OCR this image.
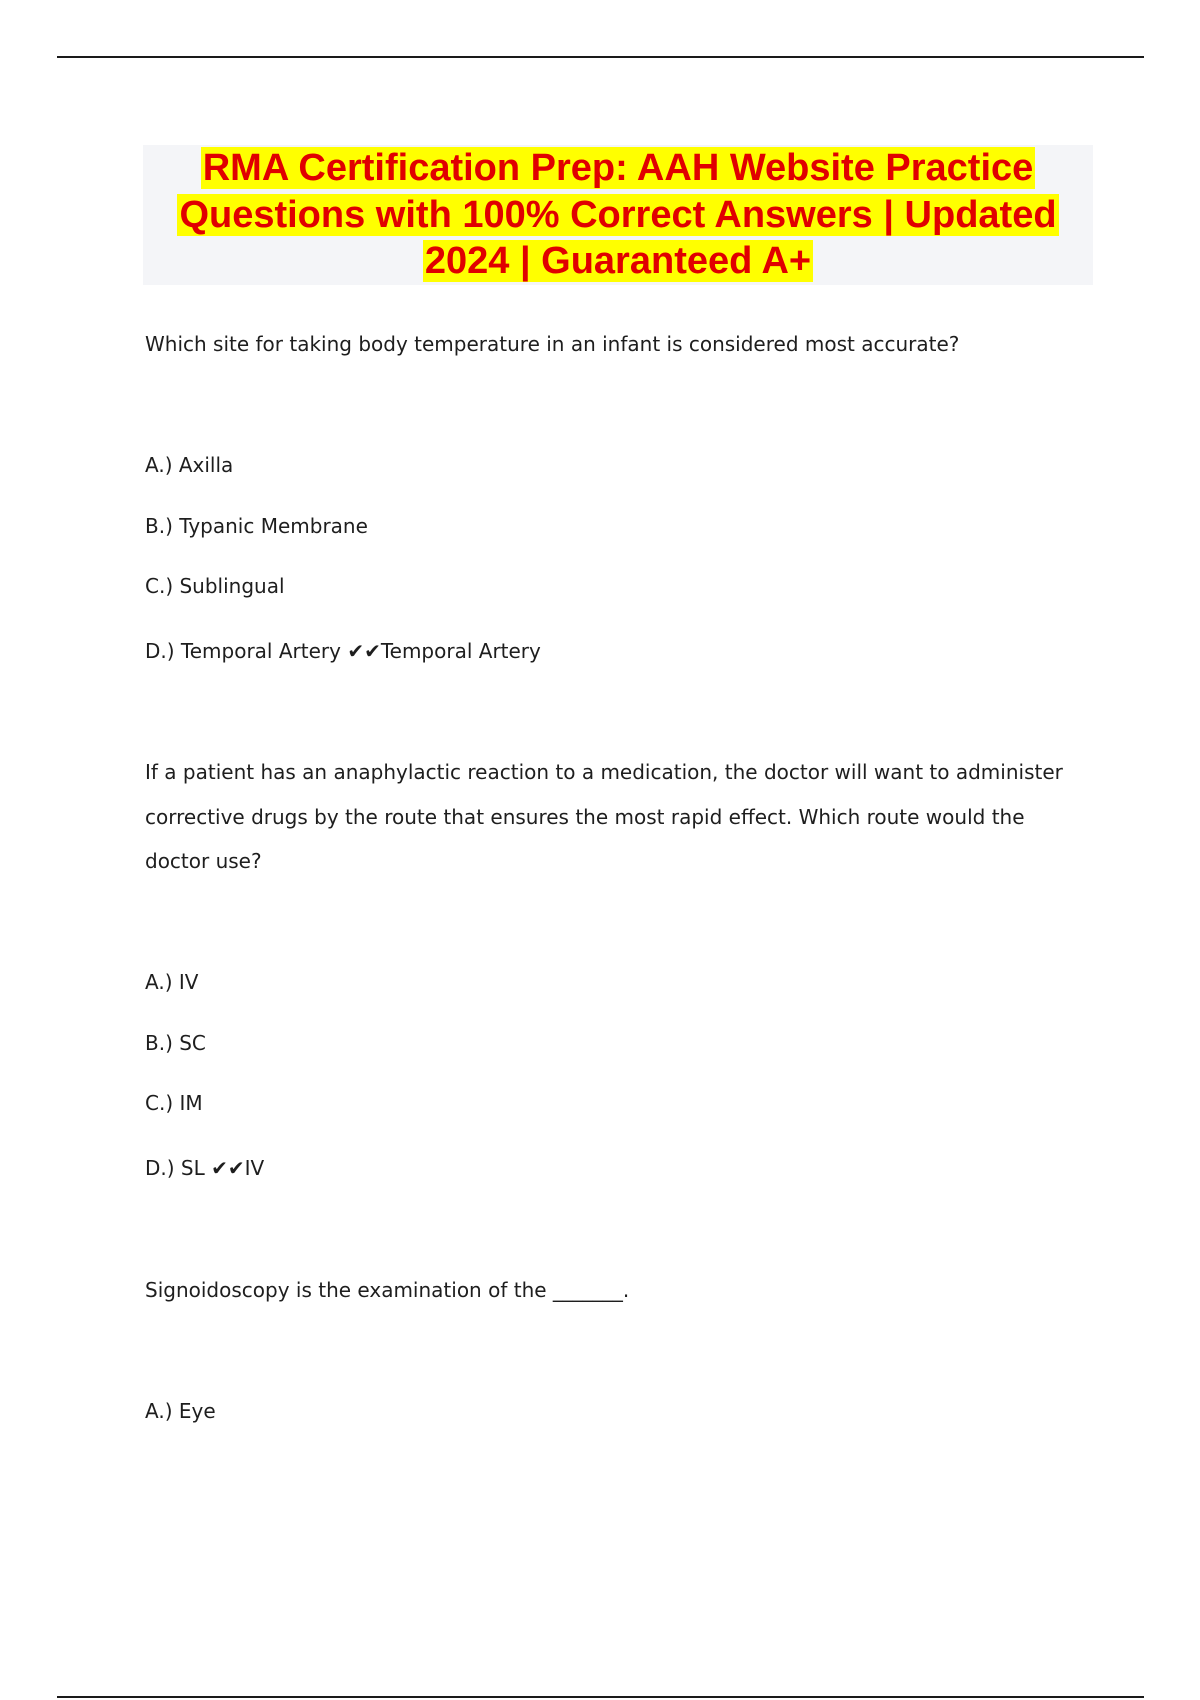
RMA Certification Prep: AAH Website Practice Questions with 100% Correct Answers | Updated 2024 | Guaranteed A+

Which site for taking body temperature in an infant is considered most accurate?

A.) Axilla

B.) Typanic Membrane

C.) Sublingual

D.) Temporal Artery ✔✔Temporal Artery

If a patient has an anaphylactic reaction to a medication, the doctor will want to administer corrective drugs by the route that ensures the most rapid effect. Which route would the doctor use?

A.) IV

B.) SC

C.) IM

D.) SL ✔✔IV

Signoidoscopy is the examination of the _______.

A.) Eye
